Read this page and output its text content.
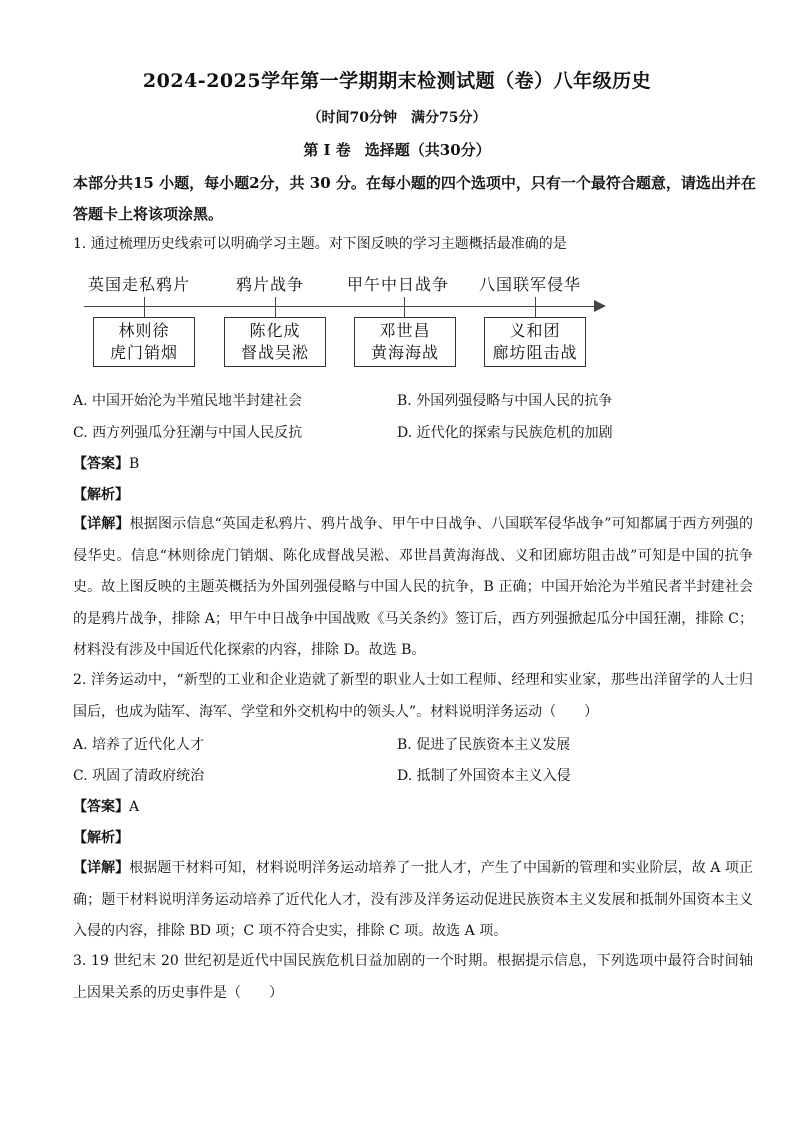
2024-2025学年第一学期期末检测试题（卷）八年级历史
（时间70分钟　满分75分）
第 Ⅰ 卷 选择题（共30分）
本部分共15 小题，每小题2分，共 30 分。在每小题的四个选项中，只有一个最符合题意，请选出并在答题卡上将该项涂黑。
1. 通过梳理历史线索可以明确学习主题。对下图反映的学习主题概括最准确的是
英国走私鸦片	鸦片战争	甲午中日战争 八国联军侵华
林则徐
虎门销烟
陈化成
督战吴淞
邓世昌
黄海海战
义和团
廊坊阻击战
A. 中国开始沦为半殖民地半封建社会	B. 外国列强侵略与中国人民的抗争
C. 西方列强瓜分狂潮与中国人民反抗	D. 近代化的探索与民族危机的加剧
【答案】B
【解析】
【详解】根据图示信息“英国走私鸦片、鸦片战争、甲午中日战争、八国联军侵华战争”可知都属于西方列强的侵华史。信息“林则徐虎门销烟、陈化成督战吴淞、邓世昌黄海海战、义和团廊坊阻击战”可知是中国的抗争史。故上图反映的主题英概括为外国列强侵略与中国人民的抗争，B 正确；中国开始沦为半殖民者半封建社会的是鸦片战争，排除 A；甲午中日战争中国战败《马关条约》签订后，西方列强掀起瓜分中国狂潮，排除 C；材料没有涉及中国近代化探索的内容，排除 D。故选 B。
2. 洋务运动中，“新型的工业和企业造就了新型的职业人士如工程师、经理和实业家，那些出洋留学的人士归国后，也成为陆军、海军、学堂和外交机构中的领头人”。材料说明洋务运动（　　）
A. 培养了近代化人才	B. 促进了民族资本主义发展
C. 巩固了清政府统治	D. 抵制了外国资本主义入侵
【答案】A
【解析】
【详解】根据题干材料可知，材料说明洋务运动培养了一批人才，产生了中国新的管理和实业阶层，故 A 项正确；题干材料说明洋务运动培养了近代化人才，没有涉及洋务运动促进民族资本主义发展和抵制外国资本主义入侵的内容，排除 BD 项；C 项不符合史实，排除 C 项。故选 A 项。
3. 19 世纪末 20 世纪初是近代中国民族危机日益加剧的一个时期。根据提示信息，下列选项中最符合时间轴上因果关系的历史事件是（　　）
